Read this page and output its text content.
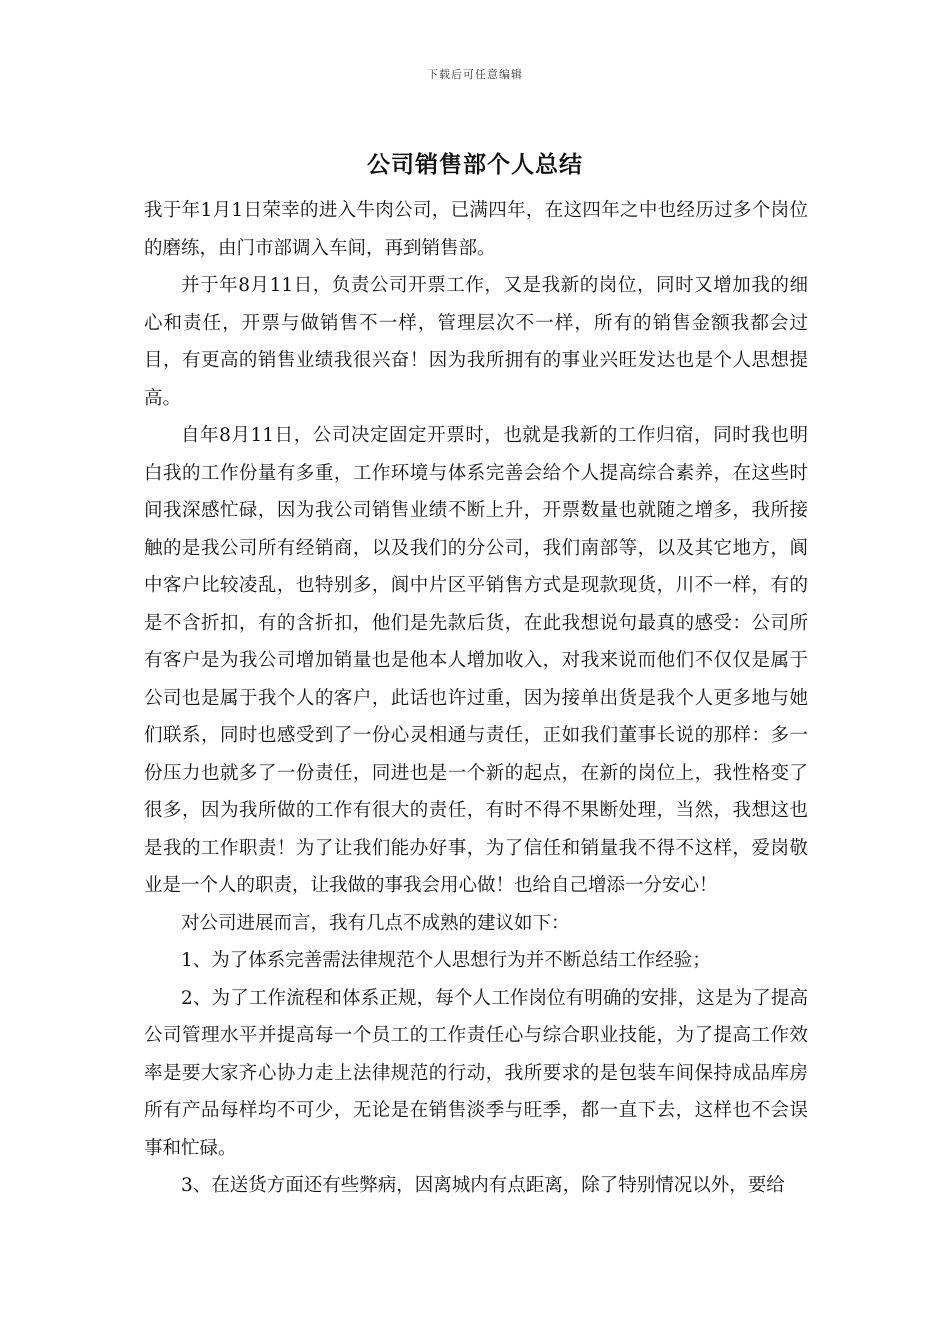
下载后可任意编辑
公司销售部个人总结

我于年1月1日荣幸的进入牛肉公司，已满四年，在这四年之中也经历过多个岗位的磨练，由门市部调入车间，再到销售部。

并于年8月11日，负责公司开票工作，又是我新的岗位，同时又增加我的细心和责任，开票与做销售不一样，管理层次不一样，所有的销售金额我都会过目，有更高的销售业绩我很兴奋！因为我所拥有的事业兴旺发达也是个人思想提高。

自年8月11日，公司决定固定开票时，也就是我新的工作归宿，同时我也明白我的工作份量有多重，工作环境与体系完善会给个人提高综合素养，在这些时间我深感忙碌，因为我公司销售业绩不断上升，开票数量也就随之增多，我所接触的是我公司所有经销商，以及我们的分公司，我们南部等，以及其它地方，阆中客户比较凌乱，也特别多，阆中片区平销售方式是现款现货，川不一样，有的是不含折扣，有的含折扣，他们是先款后货，在此我想说句最真的感受：公司所有客户是为我公司增加销量也是他本人增加收入，对我来说而他们不仅仅是属于公司也是属于我个人的客户，此话也许过重，因为接单出货是我个人更多地与她们联系，同时也感受到了一份心灵相通与责任，正如我们董事长说的那样：多一份压力也就多了一份责任，同进也是一个新的起点，在新的岗位上，我性格变了很多，因为我所做的工作有很大的责任，有时不得不果断处理，当然，我想这也是我的工作职责！为了让我们能办好事，为了信任和销量我不得不这样，爱岗敬业是一个人的职责，让我做的事我会用心做！也给自己增添一分安心！

对公司进展而言，我有几点不成熟的建议如下：

1、为了体系完善需法律规范个人思想行为并不断总结工作经验；

2、为了工作流程和体系正规，每个人工作岗位有明确的安排，这是为了提高公司管理水平并提高每一个员工的工作责任心与综合职业技能，为了提高工作效率是要大家齐心协力走上法律规范的行动，我所要求的是包装车间保持成品库房所有产品每样均不可少，无论是在销售淡季与旺季，都一直下去，这样也不会误事和忙碌。

3、在送货方面还有些弊病，因离城内有点距离，除了特别情况以外，要给
